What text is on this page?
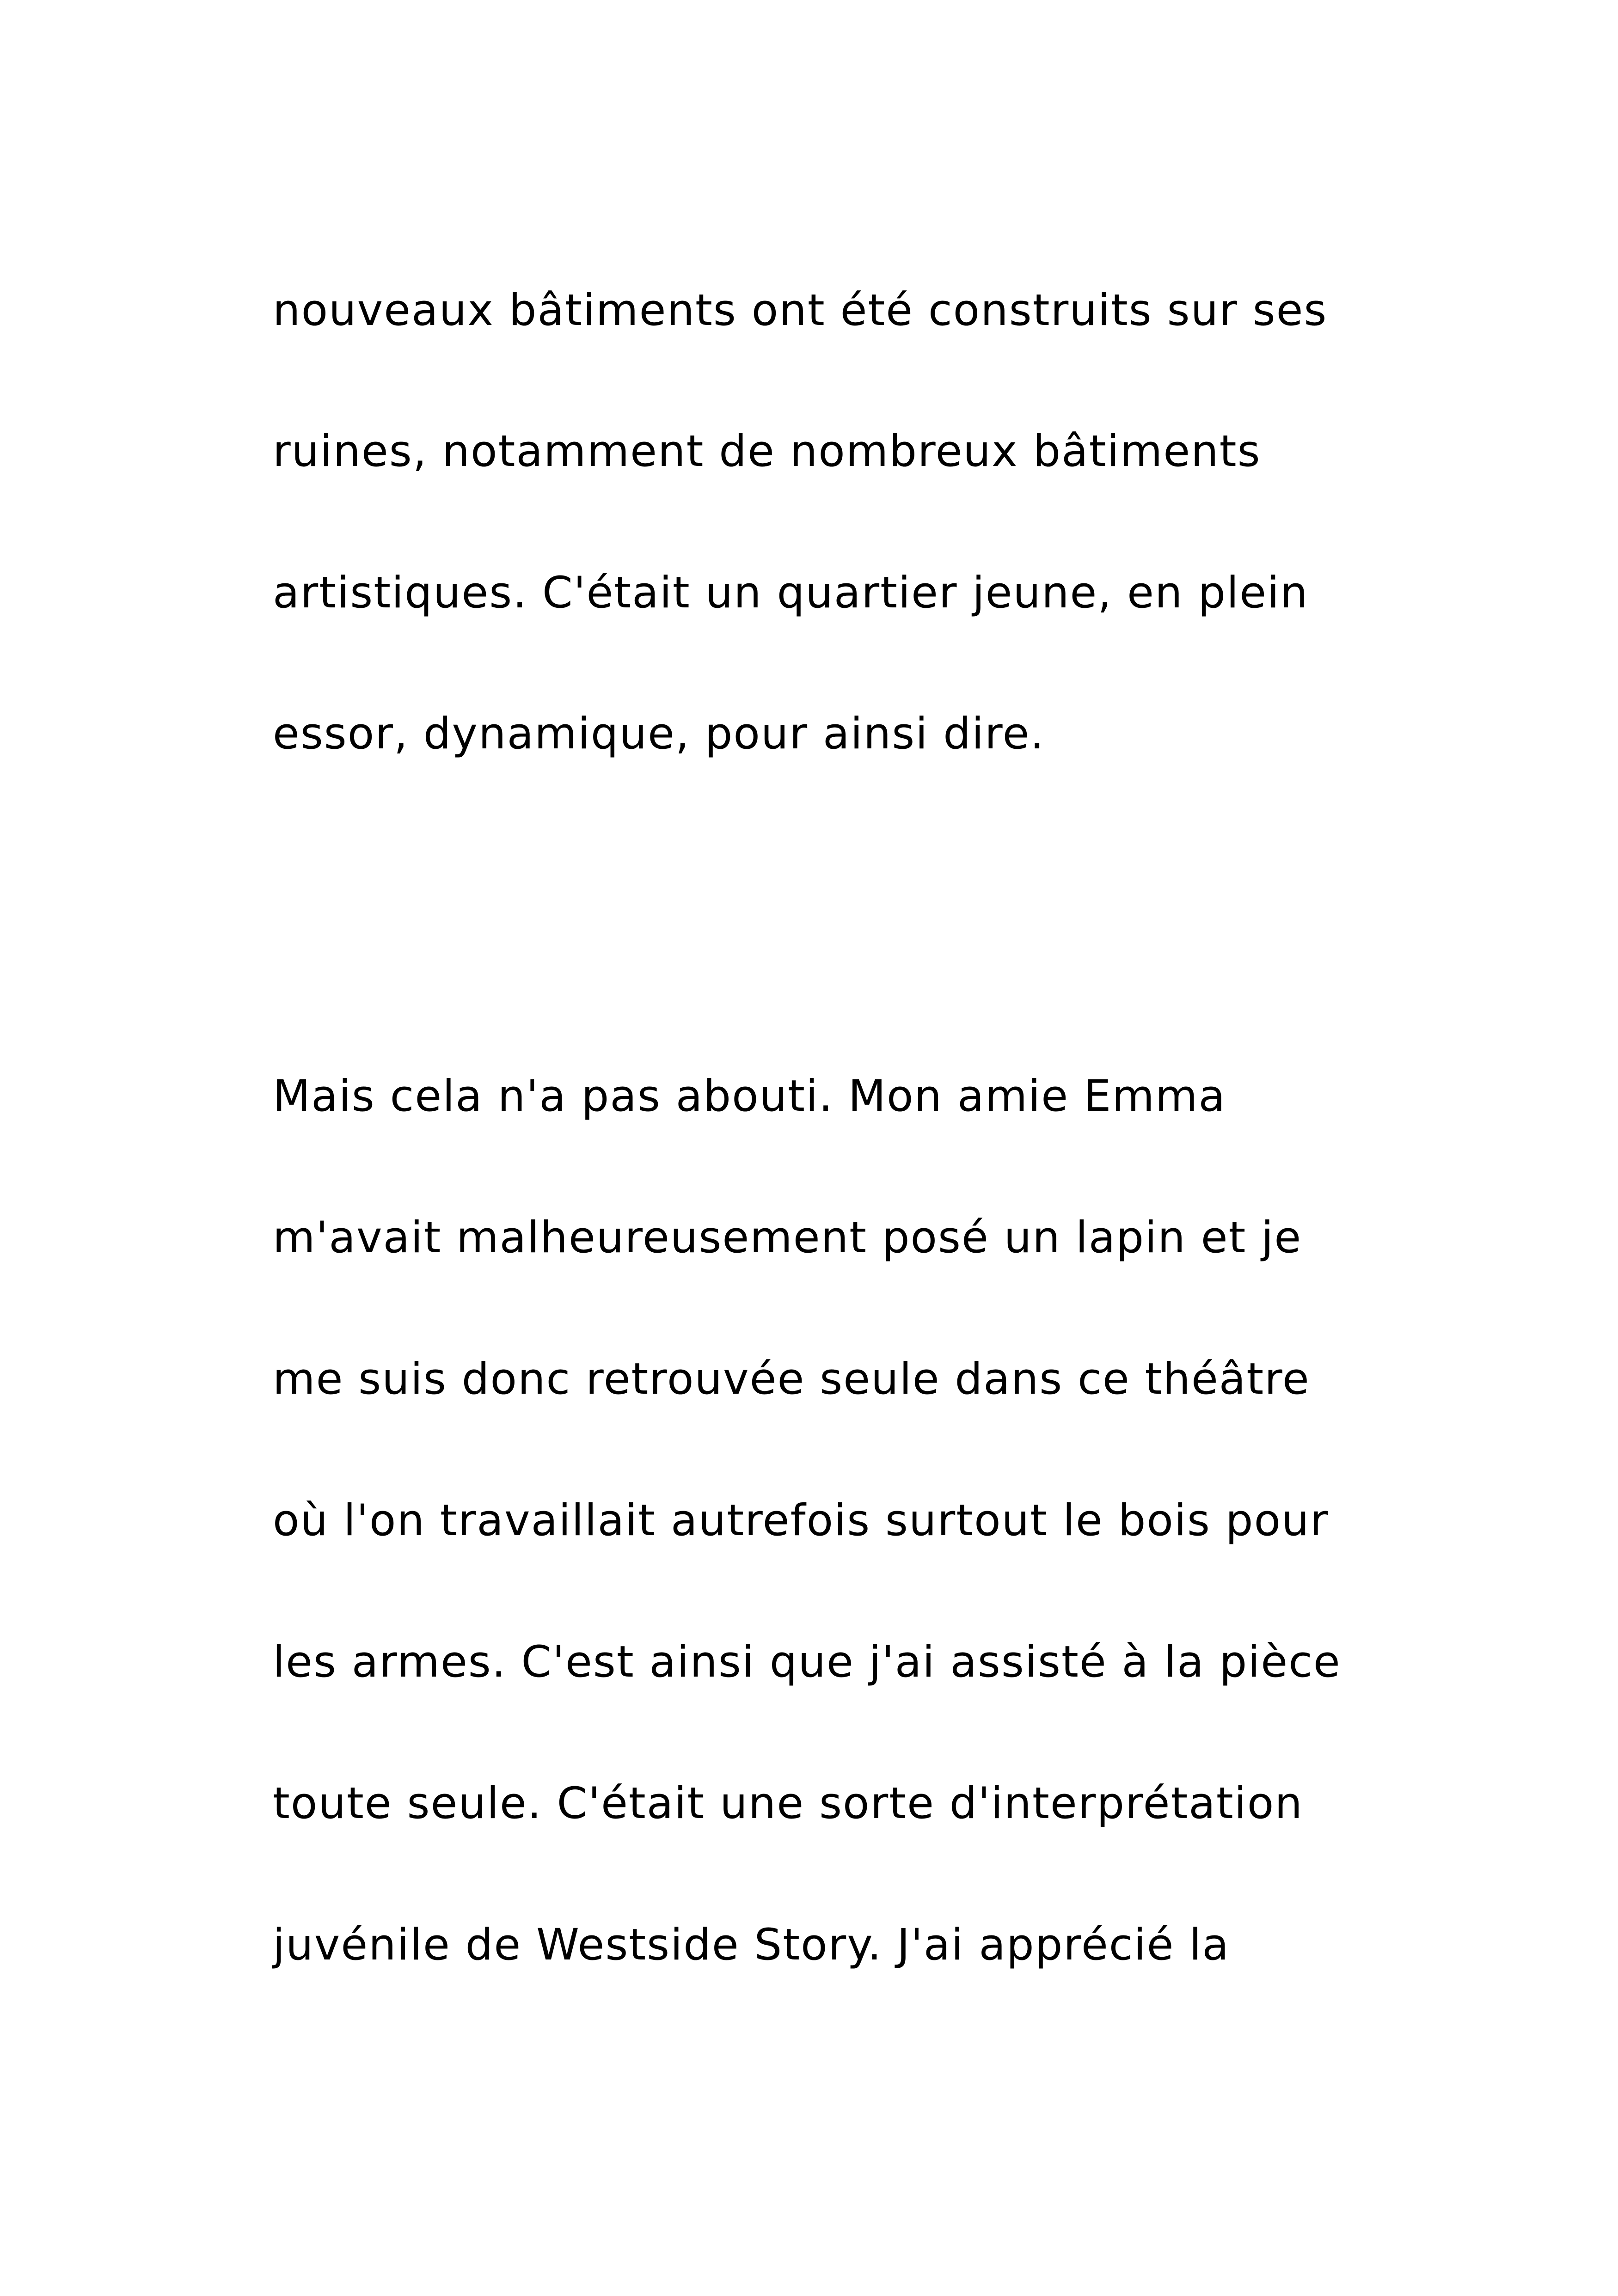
nouveaux bâtiments ont été construits sur ses
ruines, notamment de nombreux bâtiments
artistiques. C'était un quartier jeune, en plein
essor, dynamique, pour ainsi dire.
Mais cela n'a pas abouti. Mon amie Emma
m'avait malheureusement posé un lapin et je
me suis donc retrouvée seule dans ce théâtre
où l'on travaillait autrefois surtout le bois pour
les armes. C'est ainsi que j'ai assisté à la pièce
toute seule. C'était une sorte d'interprétation
juvénile de Westside Story. J'ai apprécié la
